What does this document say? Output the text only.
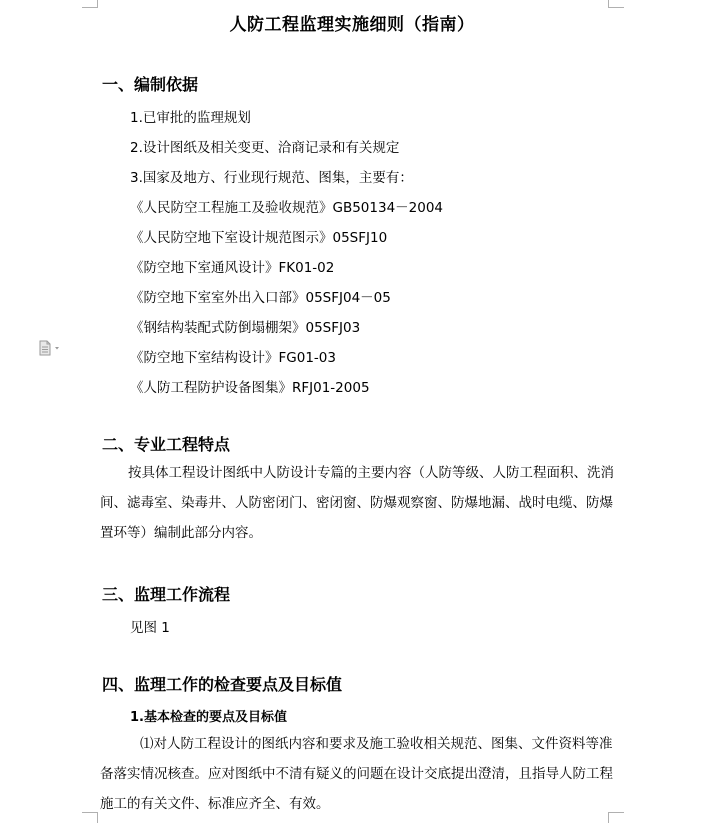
人防工程监理实施细则（指南）
一、编制依据
1.已审批的监理规划
2.设计图纸及相关变更、洽商记录和有关规定
3.国家及地方、行业现行规范、图集，主要有：
《人民防空工程施工及验收规范》GB50134－2004
《人民防空地下室设计规范图示》05SFJ10
《防空地下室通风设计》FK01-02
《防空地下室室外出入口部》05SFJ04－05
《钢结构装配式防倒塌棚架》05SFJ03
《防空地下室结构设计》FG01-03
《人防工程防护设备图集》RFJ01-2005
二、专业工程特点
按具体工程设计图纸中人防设计专篇的主要内容（人防等级、人防工程面积、洗消间、滤毒室、染毒井、人防密闭门、密闭窗、防爆观察窗、防爆地漏、战时电缆、防爆置环等）编制此部分内容。
三、监理工作流程
见图 1
四、监理工作的检查要点及目标值
1.基本检查的要点及目标值
⑴对人防工程设计的图纸内容和要求及施工验收相关规范、图集、文件资料等准备落实情况核查。应对图纸中不清有疑义的问题在设计交底提出澄清，且指导人防工程施工的有关文件、标准应齐全、有效。
